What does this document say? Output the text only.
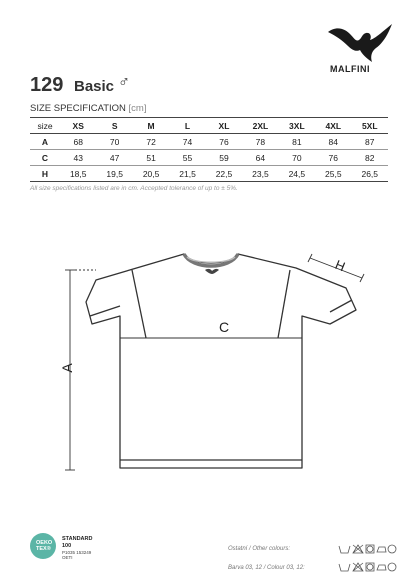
MALFINI
129 Basic ♂
SIZE SPECIFICATION [cm]
size	XS	S	M	L	XL	2XL	3XL	4XL	5XL
A	68	70	72	74	76	78	81	84	87
C	43	47	51	55	59	64	70	76	82
H	18,5	19,5	20,5	21,5	22,5	23,5	24,5	25,5	26,5
All size specifications listed are in cm. Accepted tolerance of up to ± 5%.
C
A
H
OEKO
TEX®
STANDARD
100
P1035 153249
OETI
Ostatní / Other colours:
Barva 03, 12 / Colour 03, 12:
